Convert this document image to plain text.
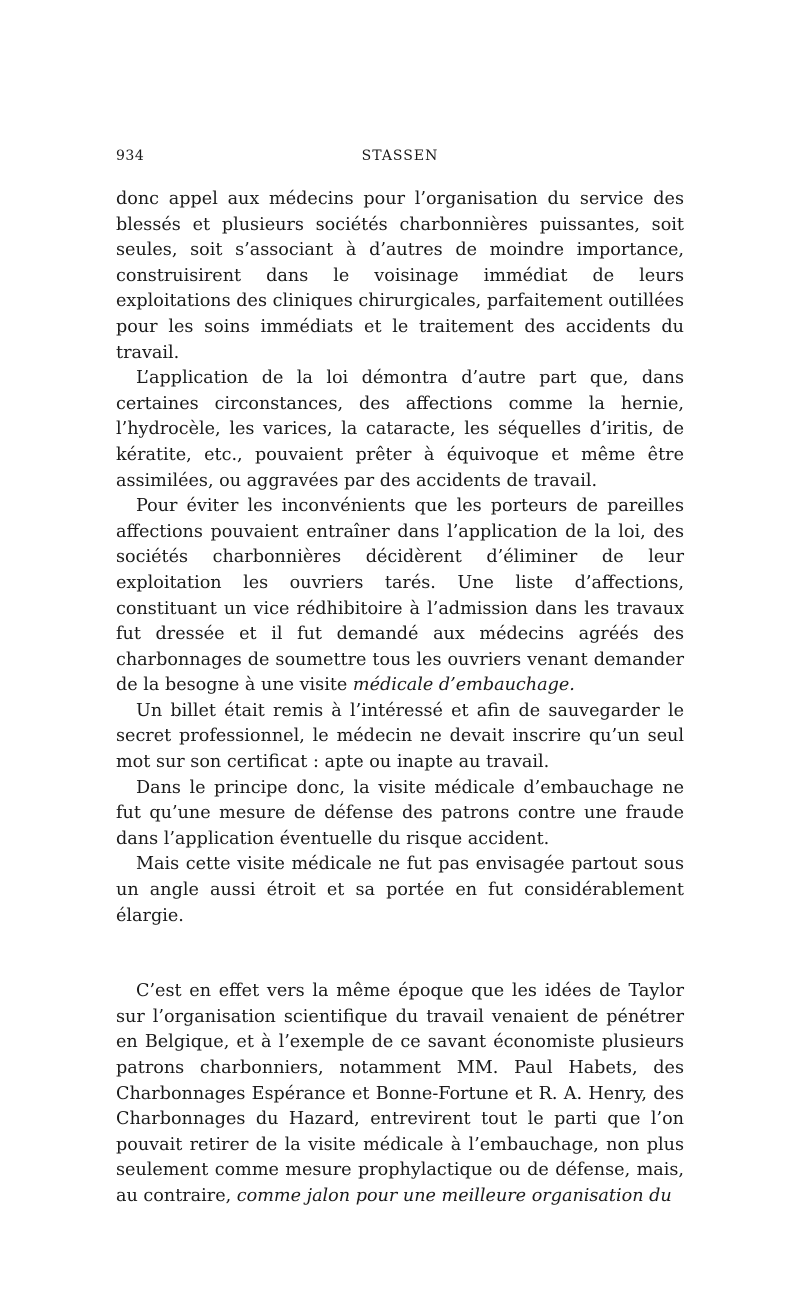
934	STASSEN

donc appel aux médecins pour l’organisation du service des blessés et plusieurs sociétés charbonnières puissantes, soit seules, soit s’associant à d’autres de moindre importance, construisirent dans le voisinage immédiat de leurs exploitations des cliniques chirurgicales, parfaitement outillées pour les soins immédiats et le traitement des accidents du travail.

L’application de la loi démontra d’autre part que, dans certaines circonstances, des affections comme la hernie, l’hydrocèle, les varices, la cataracte, les séquelles d’iritis, de kératite, etc., pouvaient prêter à équivoque et même être assimilées, ou aggravées par des accidents de travail.

Pour éviter les inconvénients que les porteurs de pareilles affections pouvaient entraîner dans l’application de la loi, des sociétés charbonnières décidèrent d’éliminer de leur exploitation les ouvriers tarés. Une liste d’affections, constituant un vice rédhibitoire à l’admission dans les travaux fut dressée et il fut demandé aux médecins agréés des charbonnages de soumettre tous les ouvriers venant demander de la besogne à une visite médicale d’embauchage.

Un billet était remis à l’intéressé et afin de sauvegarder le secret professionnel, le médecin ne devait inscrire qu’un seul mot sur son certificat : apte ou inapte au travail.

Dans le principe donc, la visite médicale d’embauchage ne fut qu’une mesure de défense des patrons contre une fraude dans l’application éventuelle du risque accident.

Mais cette visite médicale ne fut pas envisagée partout sous un angle aussi étroit et sa portée en fut considérablement élargie.

C’est en effet vers la même époque que les idées de Taylor sur l’organisation scientifique du travail venaient de pénétrer en Belgique, et à l’exemple de ce savant économiste plusieurs patrons charbonniers, notamment MM. Paul Habets, des Charbonnages Espérance et Bonne-Fortune et R. A. Henry, des Charbonnages du Hazard, entrevirent tout le parti que l’on pouvait retirer de la visite médicale à l’embauchage, non plus seulement comme mesure prophylactique ou de défense, mais, au contraire, comme jalon pour une meilleure organisation du
